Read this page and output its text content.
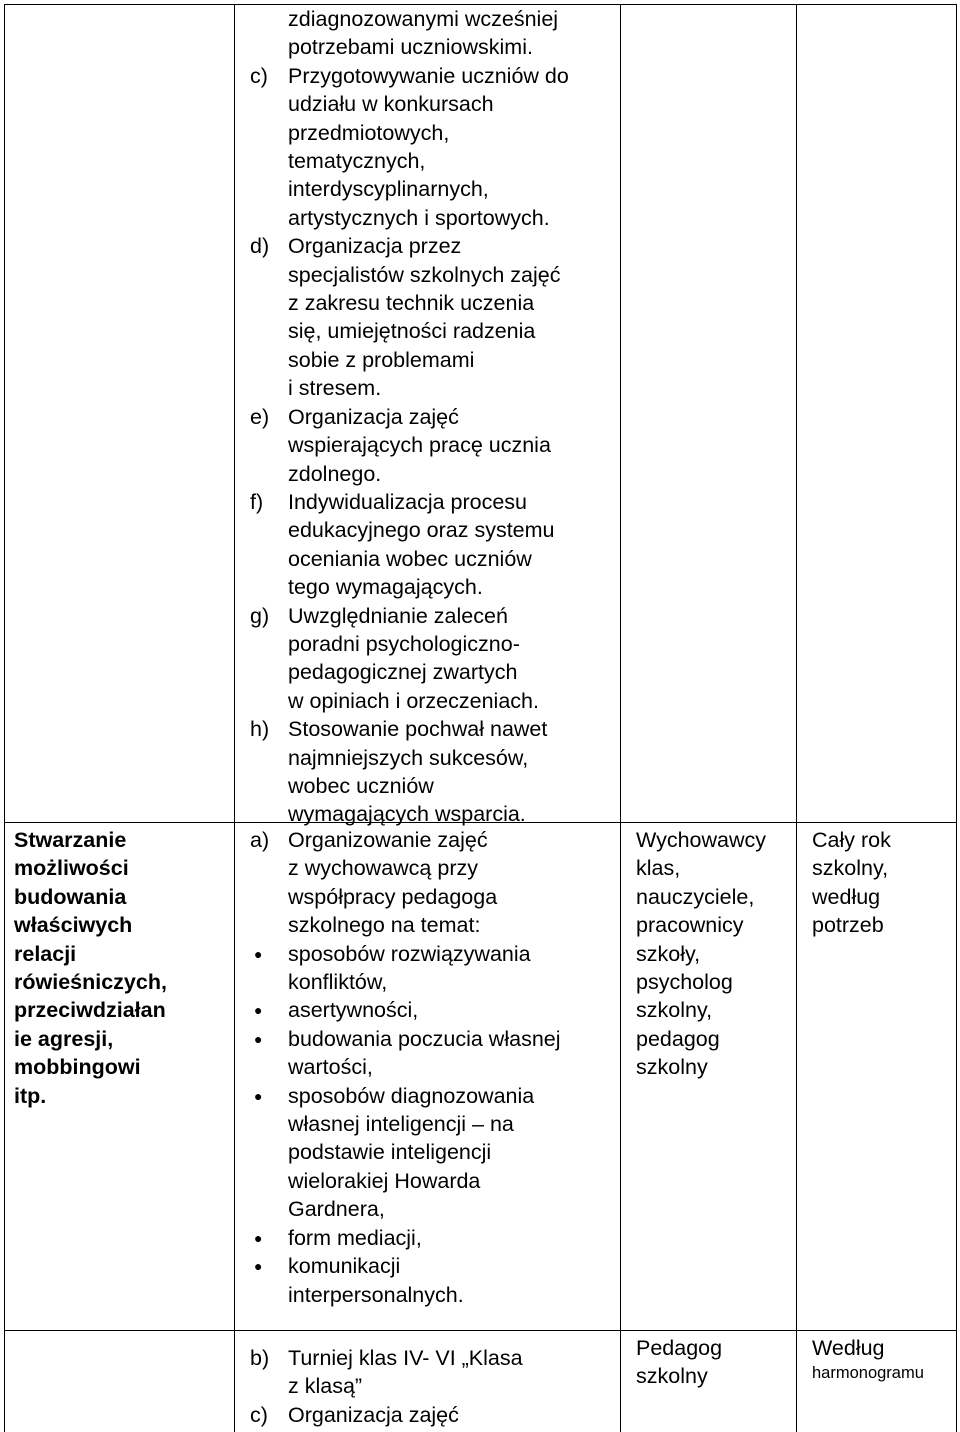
zdiagnozowanymi wcześniej
potrzebami uczniowskimi.
c) Przygotowywanie uczniów do
udziału w konkursach
przedmiotowych,
tematycznych,
interdyscyplinarnych,
artystycznych i sportowych.
d) Organizacja przez
specjalistów szkolnych zajęć
z zakresu technik uczenia
się, umiejętności radzenia
sobie z problemami
i stresem.
e) Organizacja zajęć
wspierających pracę ucznia
zdolnego.
f) Indywidualizacja procesu
edukacyjnego oraz systemu
oceniania wobec uczniów
tego wymagających.
g) Uwzględnianie zaleceń
poradni psychologiczno-
pedagogicznej zwartych
w opiniach i orzeczeniach.
h) Stosowanie pochwał nawet
najmniejszych sukcesów,
wobec uczniów
wymagających wsparcia.
Stwarzanie
możliwości
budowania
właściwych
relacji
rówieśniczych,
przeciwdziałan
ie agresji,
mobbingowi
itp.
a) Organizowanie zajęć
z wychowawcą przy
współpracy pedagoga
szkolnego na temat:
● sposobów rozwiązywania
konfliktów,
● asertywności,
● budowania poczucia własnej
wartości,
● sposobów diagnozowania
własnej inteligencji – na
podstawie inteligencji
wielorakiej Howarda
Gardnera,
● form mediacji,
● komunikacji
interpersonalnych.
Wychowawcy
klas,
nauczyciele,
pracownicy
szkoły,
psycholog
szkolny,
pedagog
szkolny
Cały rok
szkolny,
według
potrzeb
b) Turniej klas IV- VI „Klasa
z klasą”
c) Organizacja zajęć
Pedagog
szkolny
Według
harmonogramu
